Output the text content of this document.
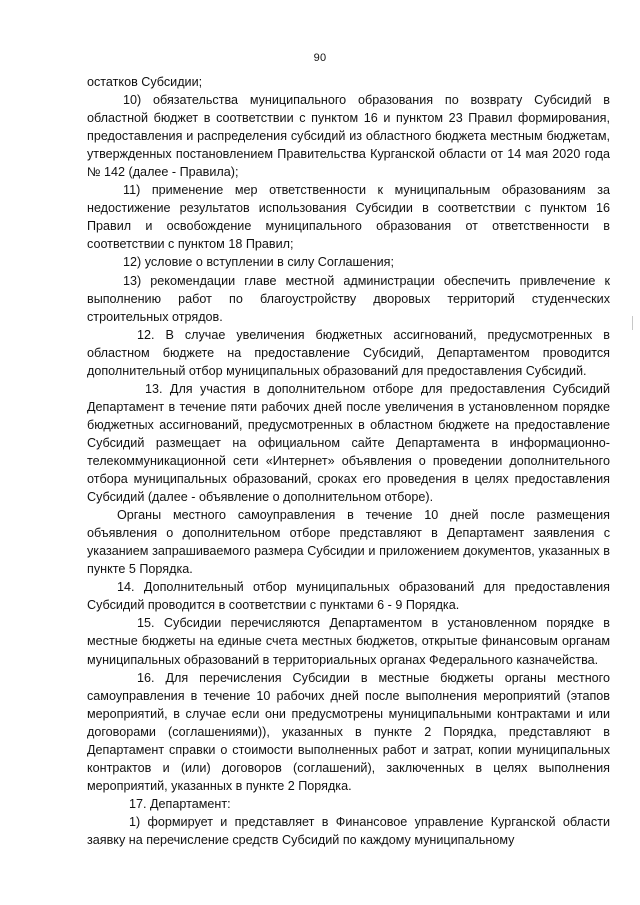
90

остатков Субсидии;

10) обязательства муниципального образования по возврату Субсидий в областной бюджет в соответствии с пунктом 16 и пунктом 23 Правил формирования, предоставления и распределения субсидий из областного бюджета местным бюджетам, утвержденных постановлением Правительства Курганской области от 14 мая 2020 года № 142 (далее - Правила);

11) применение мер ответственности к муниципальным образованиям за недостижение результатов использования Субсидии в соответствии с пунктом 16 Правил и освобождение муниципального образования от ответственности в соответствии с пунктом 18 Правил;

12) условие о вступлении в силу Соглашения;

13) рекомендации главе местной администрации обеспечить привлечение к выполнению работ по благоустройству дворовых территорий студенческих строительных отрядов.

12. В случае увеличения бюджетных ассигнований, предусмотренных в областном бюджете на предоставление Субсидий, Департаментом проводится дополнительный отбор муниципальных образований для предоставления Субсидий.

13. Для участия в дополнительном отборе для предоставления Субсидий Департамент в течение пяти рабочих дней после увеличения в установленном порядке бюджетных ассигнований, предусмотренных в областном бюджете на предоставление Субсидий размещает на официальном сайте Департамента в информационно-телекоммуникационной сети «Интернет» объявления о проведении дополнительного отбора муниципальных образований, сроках его проведения в целях предоставления Субсидий (далее - объявление о дополнительном отборе).

Органы местного самоуправления в течение 10 дней после размещения объявления о дополнительном отборе представляют в Департамент заявления с указанием запрашиваемого размера Субсидии и приложением документов, указанных в пункте 5 Порядка.

14. Дополнительный отбор муниципальных образований для предоставления Субсидий проводится в соответствии с пунктами 6 - 9 Порядка.

15. Субсидии перечисляются Департаментом в установленном порядке в местные бюджеты на единые счета местных бюджетов, открытые финансовым органам муниципальных образований в территориальных органах Федерального казначейства.

16. Для перечисления Субсидии в местные бюджеты органы местного самоуправления в течение 10 рабочих дней после выполнения мероприятий (этапов мероприятий, в случае если они предусмотрены муниципальными контрактами и или договорами (соглашениями)), указанных в пункте 2 Порядка, представляют в Департамент справки о стоимости выполненных работ и затрат, копии муниципальных контрактов и (или) договоров (соглашений), заключенных в целях выполнения мероприятий, указанных в пункте 2 Порядка.

17. Департамент:

1) формирует и представляет в Финансовое управление Курганской области заявку на перечисление средств Субсидий по каждому муниципальному
